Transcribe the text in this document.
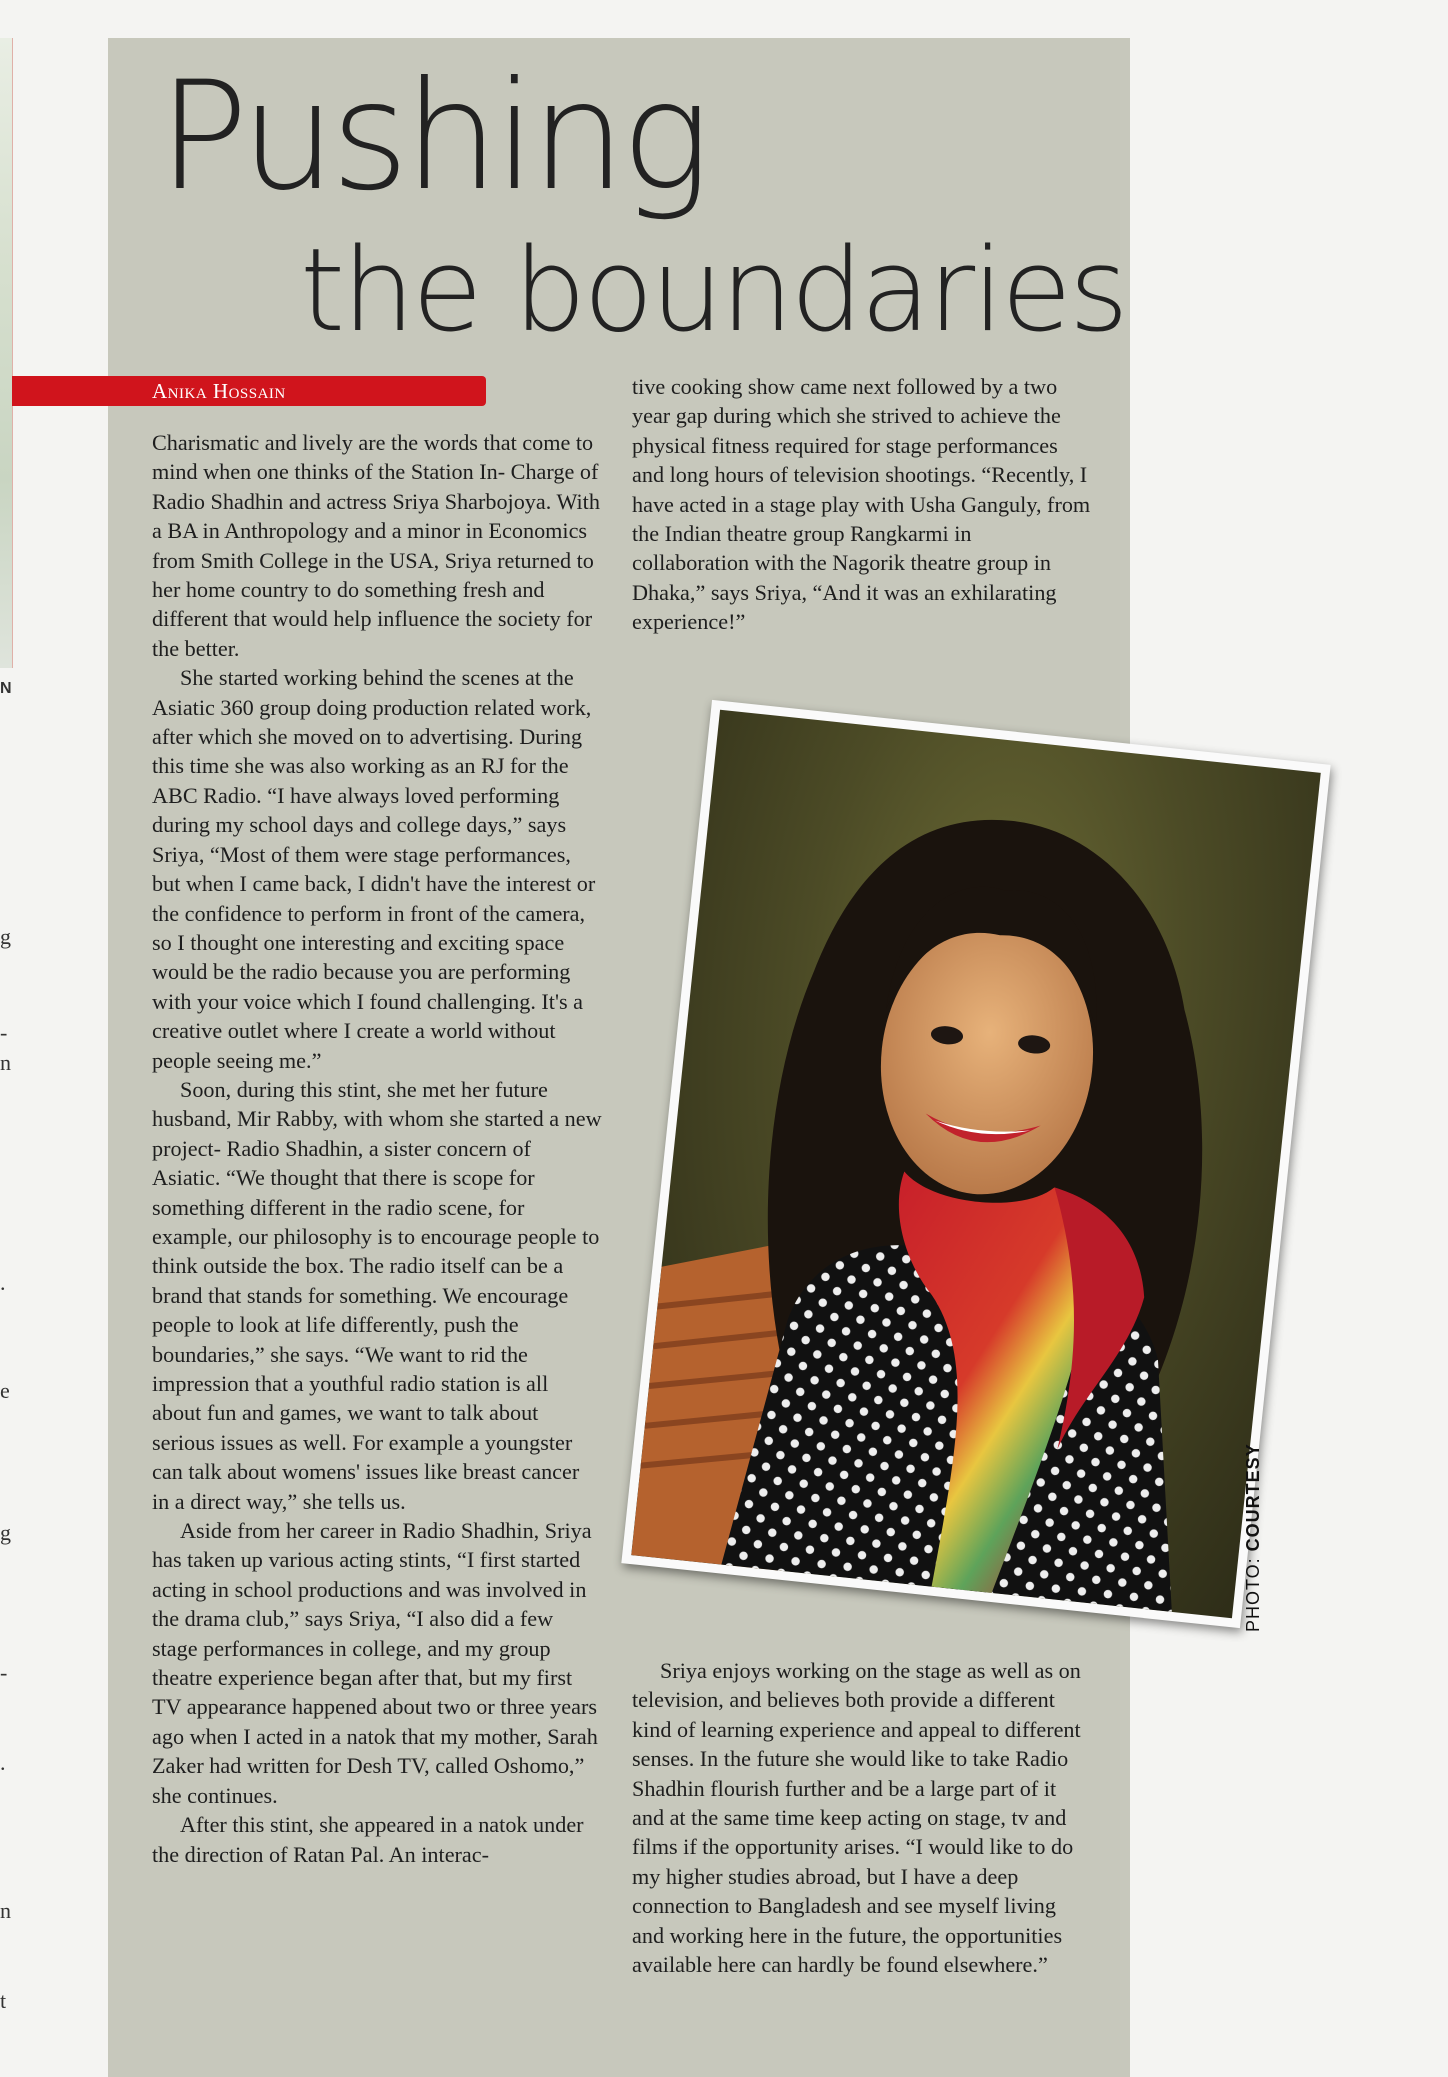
N
g
-
n
.
e
g
-
.
n
t
Pushing
the boundaries
Anika Hossain

Charismatic and lively are the words that come to mind when one thinks of the Station In- Charge of Radio Shadhin and actress Sriya Sharbojoya. With a BA in Anthropology and a minor in Economics from Smith College in the USA, Sriya returned to her home country to do something fresh and different that would help influence the society for the better.

She started working behind the scenes at the Asiatic 360 group doing production related work, after which she moved on to advertising. During this time she was also working as an RJ for the ABC Radio. “I have always loved performing during my school days and college days,” says Sriya, “Most of them were stage performances, but when I came back, I didn't have the interest or the confidence to perform in front of the camera, so I thought one interesting and exciting space would be the radio because you are performing with your voice which I found challenging. It's a creative outlet where I create a world without people seeing me.”

Soon, during this stint, she met her future husband, Mir Rabby, with whom she started a new project- Radio Shadhin, a sister concern of Asiatic. “We thought that there is scope for something different in the radio scene, for example, our philosophy is to encourage people to think outside the box. The radio itself can be a brand that stands for something. We encourage people to look at life differently, push the boundaries,” she says. “We want to rid the impression that a youthful radio station is all about fun and games, we want to talk about serious issues as well. For example a youngster can talk about womens' issues like breast cancer in a direct way,” she tells us.

Aside from her career in Radio Shadhin, Sriya has taken up various acting stints, “I first started acting in school productions and was involved in the drama club,” says Sriya, “I also did a few stage performances in college, and my group theatre experience began after that, but my first TV appearance happened about two or three years ago when I acted in a natok that my mother, Sarah Zaker had written for Desh TV, called Oshomo,” she continues.

After this stint, she appeared in a natok under the direction of Ratan Pal. An interac-

tive cooking show came next followed by a two year gap during which she strived to achieve the physical fitness required for stage performances and long hours of television shootings. “Recently, I have acted in a stage play with Usha Ganguly, from the Indian theatre group Rangkarmi in collaboration with the Nagorik theatre group in Dhaka,” says Sriya, “And it was an exhilarating experience!”

PHOTO: COURTESY

Sriya enjoys working on the stage as well as on television, and believes both provide a different kind of learning experience and appeal to different senses. In the future she would like to take Radio Shadhin flourish further and be a large part of it and at the same time keep acting on stage, tv and films if the opportunity arises. “I would like to do my higher studies abroad, but I have a deep connection to Bangladesh and see myself living and working here in the future, the opportunities available here can hardly be found elsewhere.”
